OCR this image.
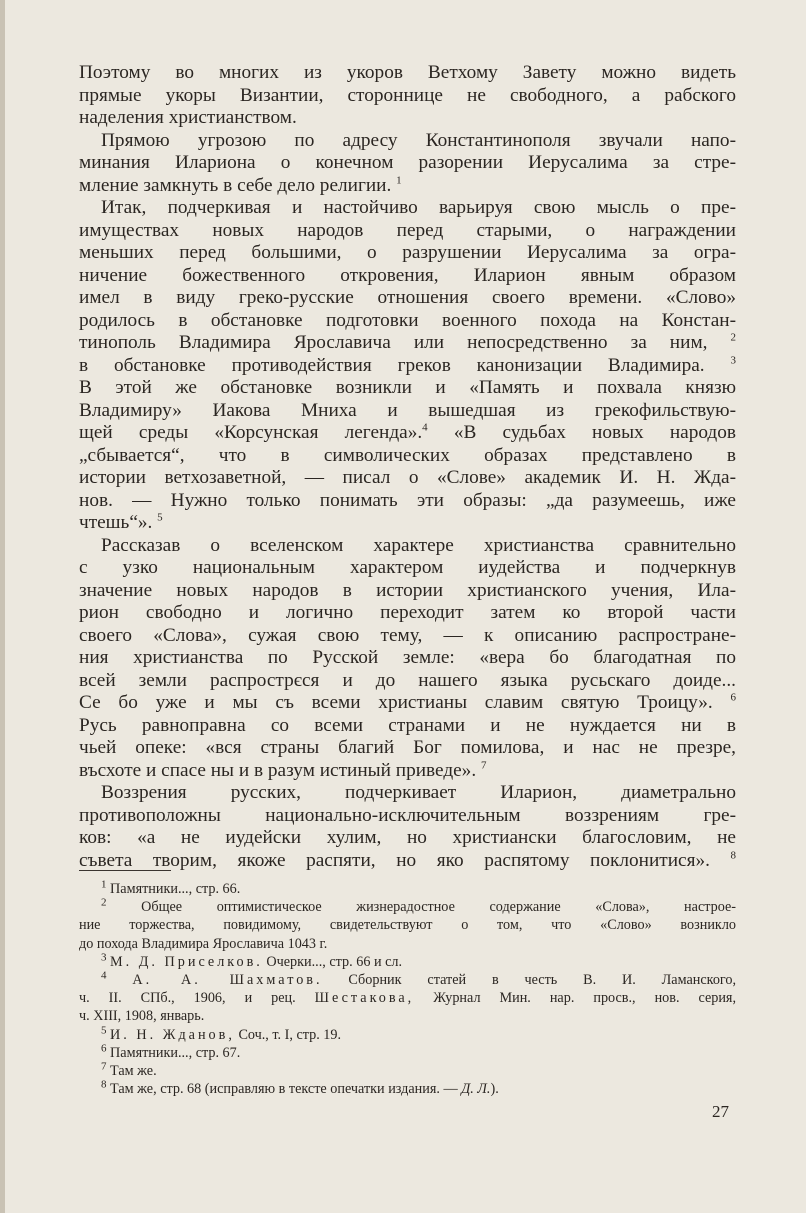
Поэтому во многих из укоров Ветхому Завету можно видеть
прямые укоры Византии, стороннице не свободного, а рабского
наделения христианством.

Прямою угрозою по адресу Константинополя звучали напо-
минания Илариона о конечном разорении Иерусалима за стре-
мление замкнуть в себе дело религии. $^1$

Итак, подчеркивая и настойчиво варьируя свою мысль о пре-
имуществах новых народов перед старыми, о награждении
меньших перед большими, о разрушении Иерусалима за огра-
ничение божественного откровения, Иларион явным образом
имел в виду греко-русские отношения своего времени. «Слово»
родилось в обстановке подготовки военного похода на Констан-
тинополь Владимира Ярославича или непосредственно за ним, $^2$
в обстановке противодействия греков канонизации Владимира. $^3$
В этой же обстановке возникли и «Память и похвала князю
Владимиру» Иакова Мниха и вышедшая из грекофильствую-
щей среды «Корсунская легенда».$^4$ «В судьбах новых народов
„сбывается“, что в символических образах представлено в
истории ветхозаветной, — писал о «Слове» академик И. Н. Жда-
нов. — Нужно только понимать эти образы: „да разумеешь, иже
чтешь“». $^5$

Рассказав о вселенском характере христианства сравнительно
с узко национальным характером иудейства и подчеркнув
значение новых народов в истории христианского учения, Ила-
рион свободно и логично переходит затем ко второй части
своего «Слова», сужая свою тему, — к описанию распростране-
ния христианства по Русской земле: «вера бо благодатная по
всей земли распрострєся и до нашего языка русьскаго доиде...
Се бо уже и мы съ всеми христианы славим святую Троицу». $^6$
Русь равноправна со всеми странами и не нуждается ни в
чьей опеке: «вся страны благий Бог помилова, и нас не презре,
въсхоте и спасе ны и в разум истиный приведе». $^7$

Воззрения русских, подчеркивает Иларион, диаметрально
противоположны национально-исключительным воззрениям гре-
ков: «а не иудейски хулим, но христиански благословим, не
съвета творим, якоже распяти, но яко распятому поклонитися». $^8$

$^1$ Памятники..., стр. 66.
$^2$ Общее оптимистическое жизнерадостное содержание «Слова», настрое-
ние торжества, повидимому, свидетельствуют о том, что «Слово» возникло
до похода Владимира Ярославича 1043 г.
$^3$ М. Д. Приселков. Очерки..., стр. 66 и сл.
$^4$ А. А. Шахматов. Сборник статей в честь В. И. Ламанского,
ч. II. СПб., 1906, и рец. Шестакова, Журнал Мин. нар. просв., нов. серия,
ч. XIII, 1908, январь.
$^5$ И. Н. Жданов, Соч., т. I, стр. 19.
$^6$ Памятники..., стр. 67.
$^7$ Там же.
$^8$ Там же, стр. 68 (исправляю в тексте опечатки издания. — Д. Л.).
27
